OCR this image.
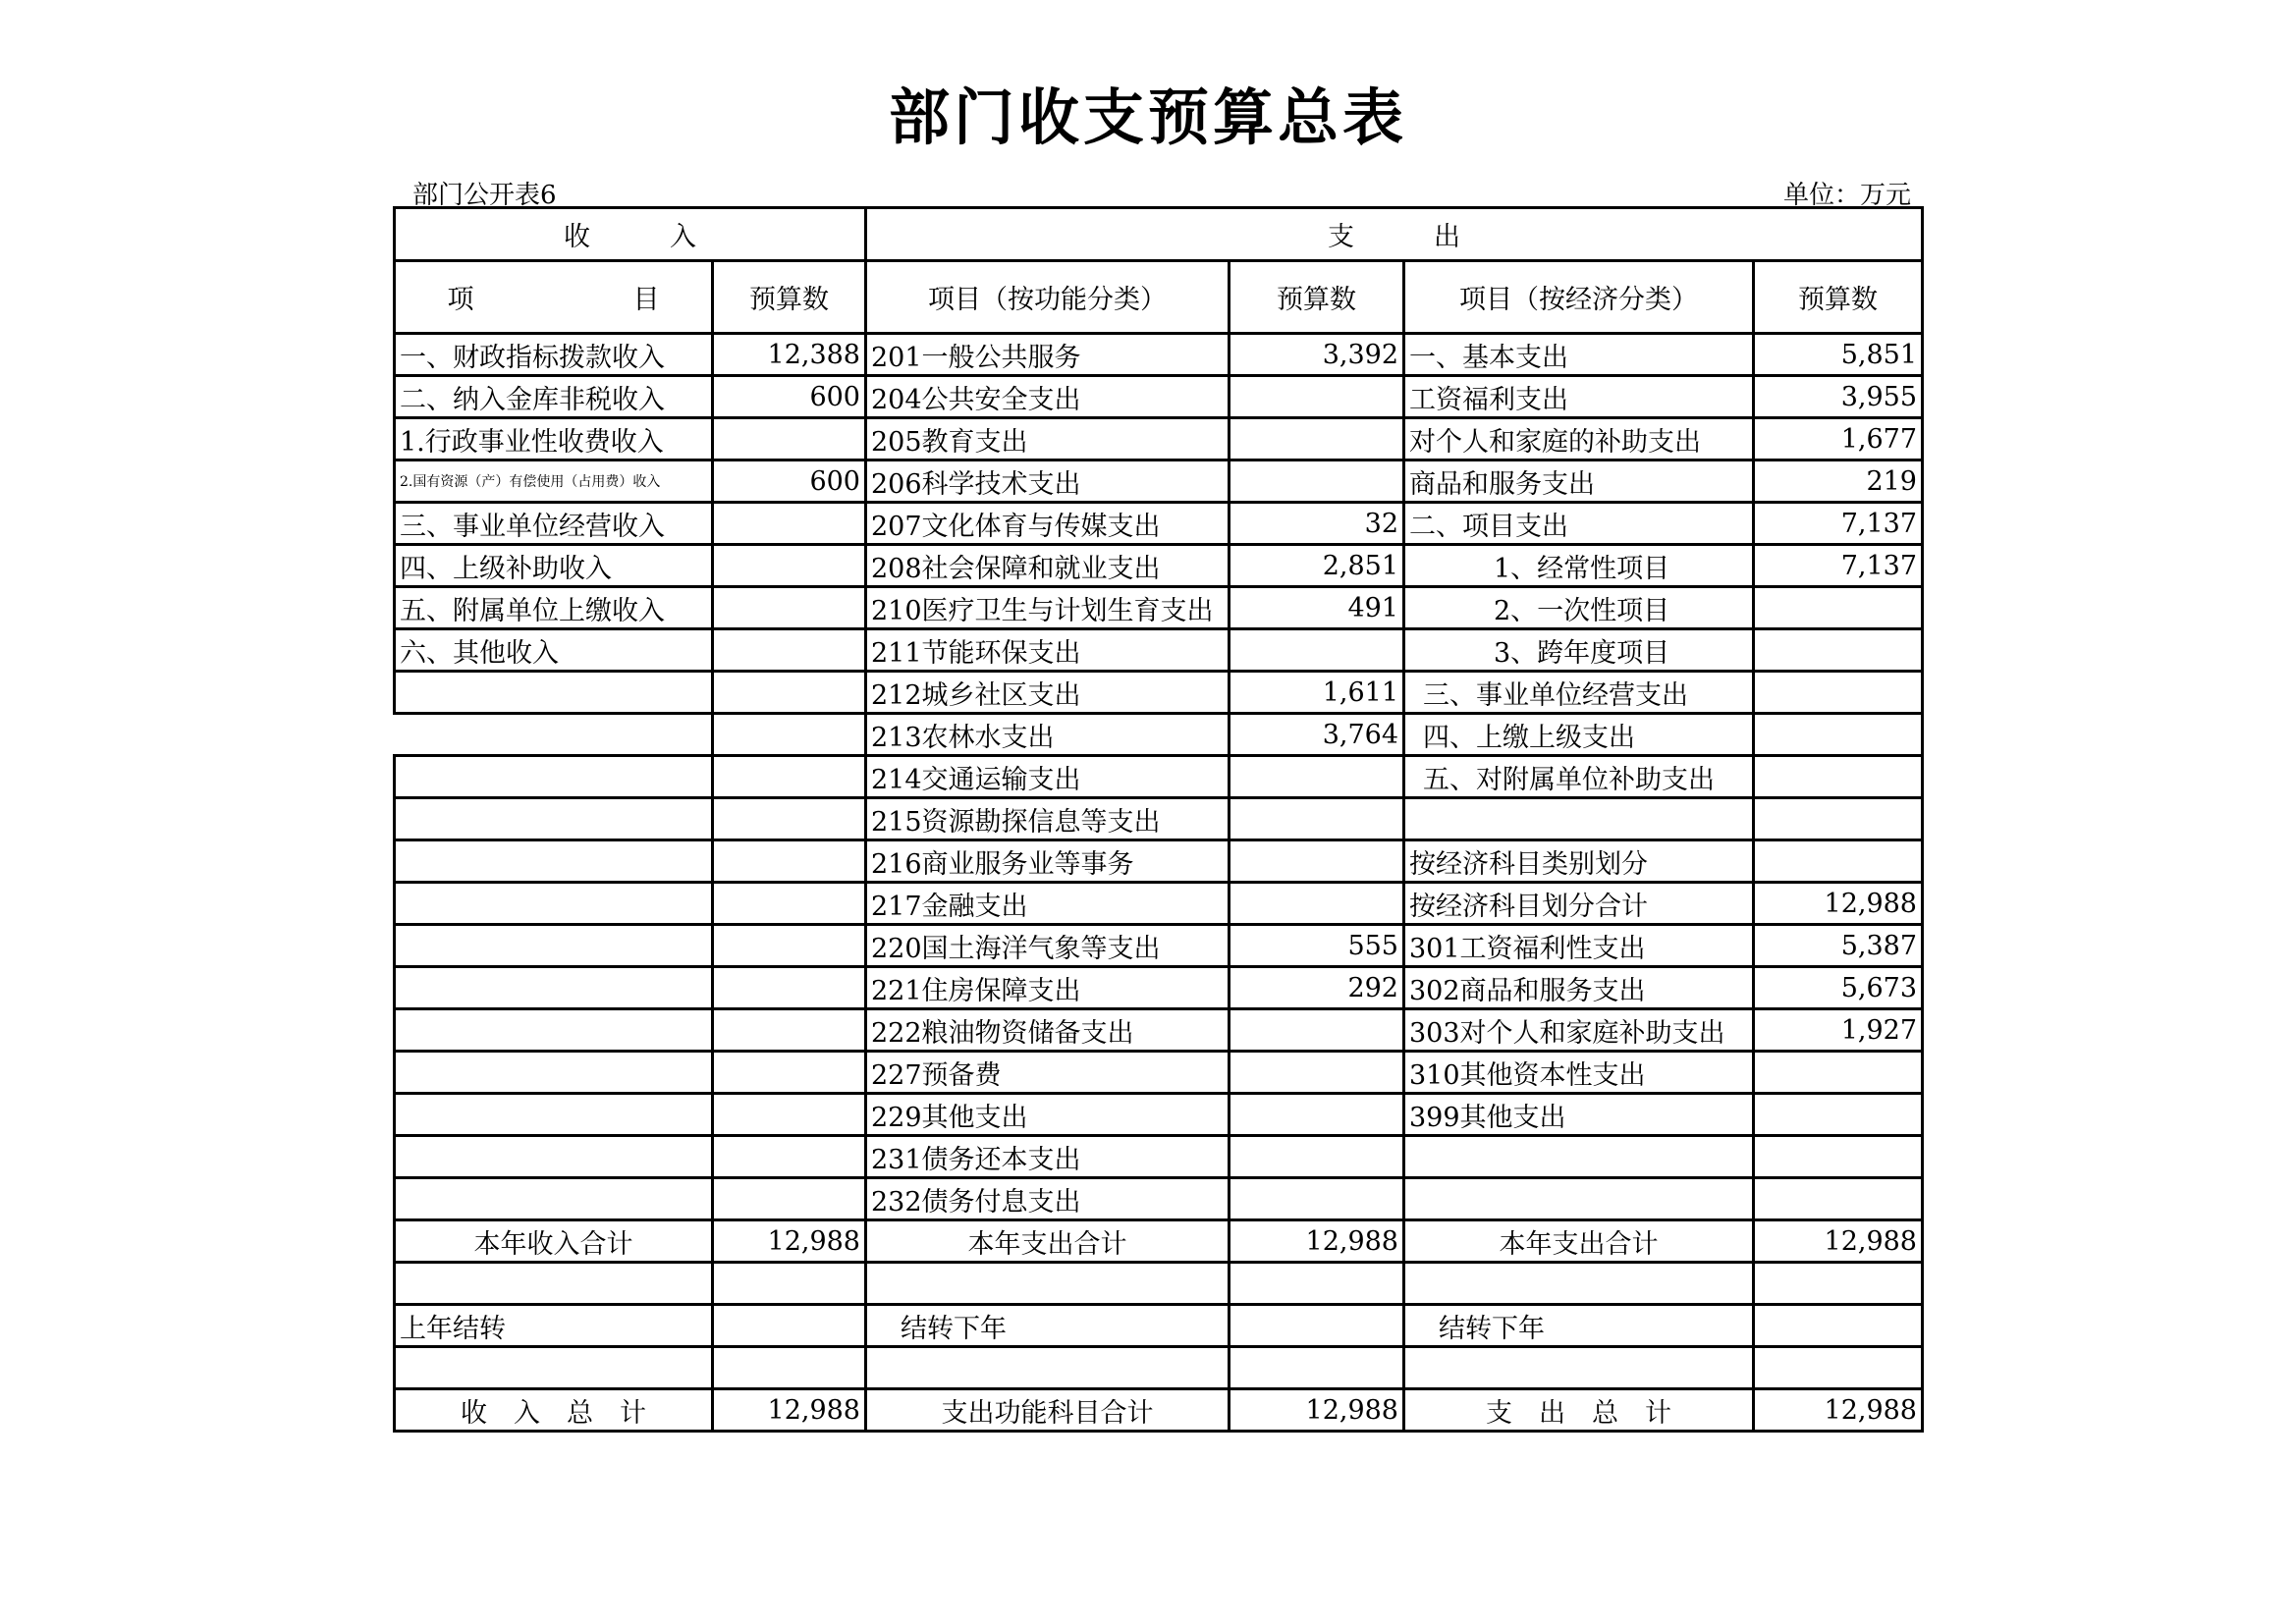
部门收支预算总表
部门公开表6	单位：万元
收　　　入		支　　　出			
项　　　　　　目	预算数	项目（按功能分类）	预算数	项目（按经济分类）	预算数
一、财政指标拨款收入	12,388	201一般公共服务	3,392	一、基本支出	5,851
二、纳入金库非税收入	600	204公共安全支出		工资福利支出	3,955
1.行政事业性收费收入		205教育支出		对个人和家庭的补助支出	1,677
2.国有资源（产）有偿使用（占用费）收入	600	206科学技术支出		商品和服务支出	219
三、事业单位经营收入		207文化体育与传媒支出	32	二、项目支出	7,137
四、上级补助收入		208社会保障和就业支出	2,851	1、经常性项目	7,137
五、附属单位上缴收入		210医疗卫生与计划生育支出	491	2、一次性项目	
六、其他收入		211节能环保支出		3、跨年度项目	
		212城乡社区支出	1,611	三、事业单位经营支出	
		213农林水支出	3,764	四、上缴上级支出	
		214交通运输支出		五、对附属单位补助支出	
		215资源勘探信息等支出			
		216商业服务业等事务		按经济科目类别划分	
		217金融支出		按经济科目划分合计	12,988
		220国土海洋气象等支出	555	301工资福利性支出	5,387
		221住房保障支出	292	302商品和服务支出	5,673
		222粮油物资储备支出		303对个人和家庭补助支出	1,927
		227预备费		310其他资本性支出	
		229其他支出		399其他支出	
		231债务还本支出			
		232债务付息支出			
本年收入合计	12,988	本年支出合计	12,988	本年支出合计	12,988

上年结转		结转下年		结转下年	

收　入　总　计	12,988	支出功能科目合计	12,988	支　出　总　计	12,988
